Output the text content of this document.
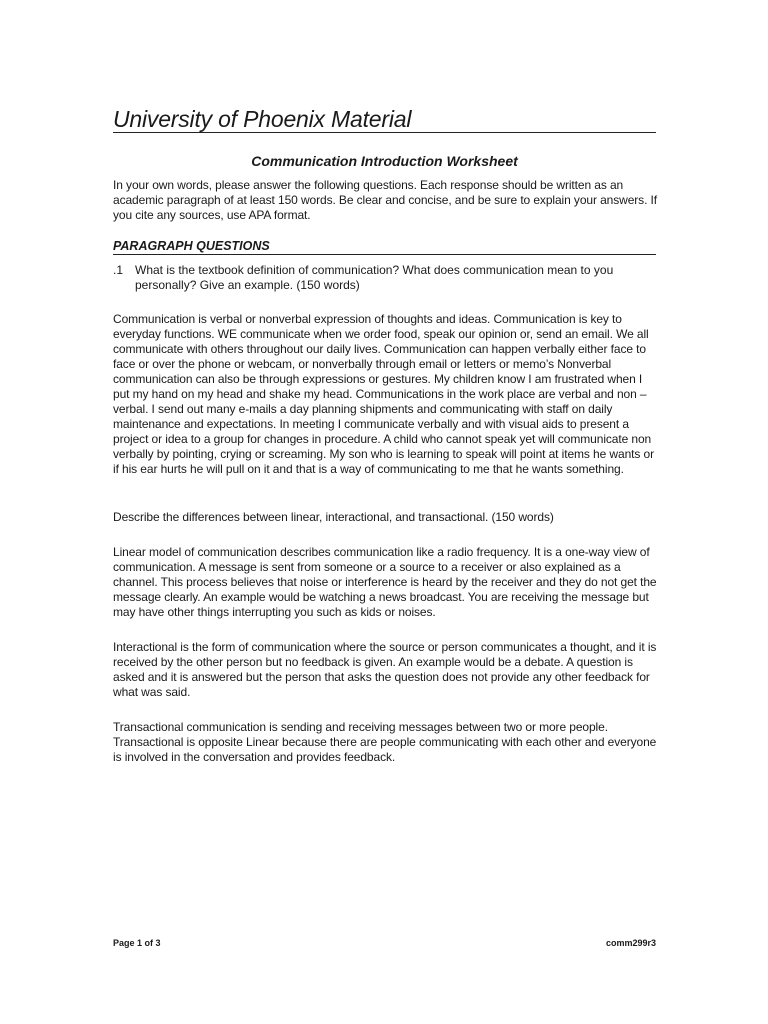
University of Phoenix Material
Communication Introduction Worksheet

In your own words, please answer the following questions. Each response should be written as an academic paragraph of at least 150 words. Be clear and concise, and be sure to explain your answers. If you cite any sources, use APA format.

PARAGRAPH QUESTIONS
.1 What is the textbook definition of communication? What does communication mean to you personally? Give an example. (150 words)

Communication is verbal or nonverbal expression of thoughts and ideas. Communication is key to everyday functions. WE communicate when we order food, speak our opinion or, send an email. We all communicate with others throughout our daily lives. Communication can happen verbally either face to face or over the phone or webcam, or nonverbally through email or letters or memo’s Nonverbal communication can also be through expressions or gestures. My children know I am frustrated when I put my hand on my head and shake my head. Communications in the work place are verbal and non –verbal. I send out many e-mails a day planning shipments and communicating with staff on daily maintenance and expectations. In meeting I communicate verbally and with visual aids to present a project or idea to a group for changes in procedure. A child who cannot speak yet will communicate non verbally by pointing, crying or screaming. My son who is learning to speak will point at items he wants or if his ear hurts he will pull on it and that is a way of communicating to me that he wants something.

Describe the differences between linear, interactional, and transactional. (150 words)

Linear model of communication describes communication like a radio frequency. It is a one-way view of communication. A message is sent from someone or a source to a receiver or also explained as a channel. This process believes that noise or interference is heard by the receiver and they do not get the message clearly. An example would be watching a news broadcast. You are receiving the message but may have other things interrupting you such as kids or noises.

Interactional is the form of communication where the source or person communicates a thought, and it is received by the other person but no feedback is given. An example would be a debate. A question is asked and it is answered but the person that asks the question does not provide any other feedback for what was said.

Transactional communication is sending and receiving messages between two or more people. Transactional is opposite Linear because there are people communicating with each other and everyone is involved in the conversation and provides feedback.

Page 1 of 3	comm299r3
